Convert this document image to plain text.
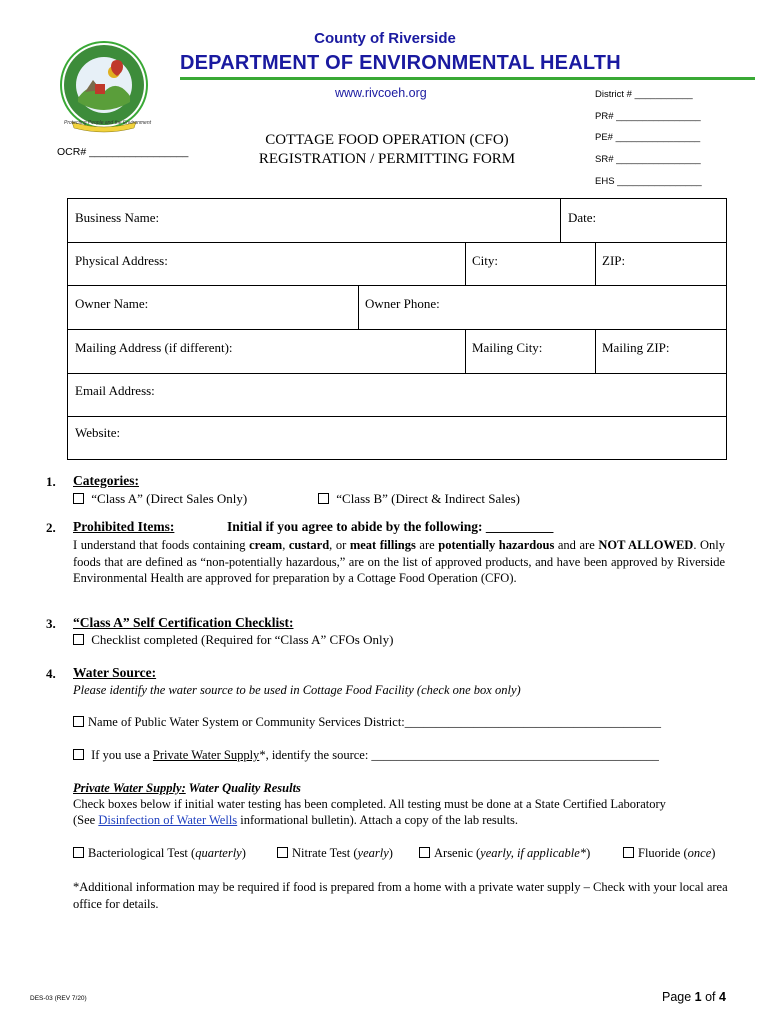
County of Riverside
DEPARTMENT OF ENVIRONMENTAL HEALTH
www.rivcoeh.org
Protecting People and the Environment
District # ___________
PR# ________________
PE# ________________
SR# ________________
EHS ________________
OCR# _________________
COTTAGE FOOD OPERATION (CFO)
REGISTRATION / PERMITTING FORM
Business Name:	Date:
Physical Address:	City:	ZIP:
Owner Name:	Owner Phone:
Mailing Address (if different):	Mailing City:	Mailing ZIP:
Email Address:
Website:
1. Categories:
“Class A” (Direct Sales Only)	“Class B” (Direct & Indirect Sales)
2. Prohibited Items:	Initial if you agree to abide by the following: __________
I understand that foods containing cream, custard, or meat fillings are potentially hazardous and are NOT ALLOWED. Only foods that are defined as “non-potentially hazardous,” are on the list of approved products, and have been approved by Riverside Environmental Health are approved for preparation by a Cottage Food Operation (CFO).
3. “Class A” Self Certification Checklist:
Checklist completed (Required for “Class A” CFOs Only)
4. Water Source:
Please identify the water source to be used in Cottage Food Facility (check one box only)
Name of Public Water System or Community Services District:_________________________________________
If you use a Private Water Supply*, identify the source: ______________________________________________
Private Water Supply: Water Quality Results
Check boxes below if initial water testing has been completed. All testing must be done at a State Certified Laboratory
(See Disinfection of Water Wells informational bulletin). Attach a copy of the lab results.
Bacteriological Test (quarterly)	Nitrate Test (yearly)	Arsenic (yearly, if applicable*)	Fluoride (once)
*Additional information may be required if food is prepared from a home with a private water supply – Check with your local area office for details.
DES-03 (REV 7/20)	Page 1 of 4
